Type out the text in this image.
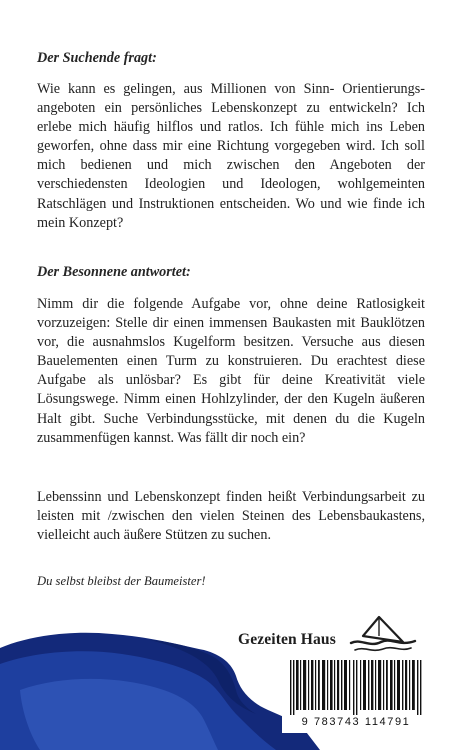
Der Suchende fragt:

Wie kann es gelingen, aus Millionen von Sinn- Orientierungsangeboten ein persönliches Lebenskonzept zu entwickeln? Ich erlebe mich häufig hilflos und ratlos. Ich fühle mich ins Leben geworfen, ohne dass mir eine Richtung vorgegeben wird. Ich soll mich bedienen und mich zwischen den Angeboten der verschiedensten Ideologien und Ideologen, wohlgemeinten Ratschlägen und Instruktionen entscheiden. Wo und wie finde ich mein Konzept?

Der Besonnene antwortet:

Nimm dir die folgende Aufgabe vor, ohne deine Ratlosigkeit vorzuzeigen: Stelle dir einen immensen Baukasten mit Bauklötzen vor, die ausnahmslos Kugelform besitzen. Versuche aus diesen Bauelementen einen Turm zu konstruieren. Du erachtest diese Aufgabe als unlösbar? Es gibt für deine Kreativität viele Lösungswege. Nimm einen Hohlzylinder, der den Kugeln äußeren Halt gibt. Suche Verbindungsstücke, mit denen du die Kugeln zusammenfügen kannst. Was fällt dir noch ein?

Lebenssinn und Lebenskonzept finden heißt Verbindungsarbeit zu leisten mit /zwischen den vielen Steinen des Lebensbaukastens, vielleicht auch äußere Stützen zu suchen.

Du selbst bleibst der Baumeister!

Gezeiten Haus

9 783743 114791
